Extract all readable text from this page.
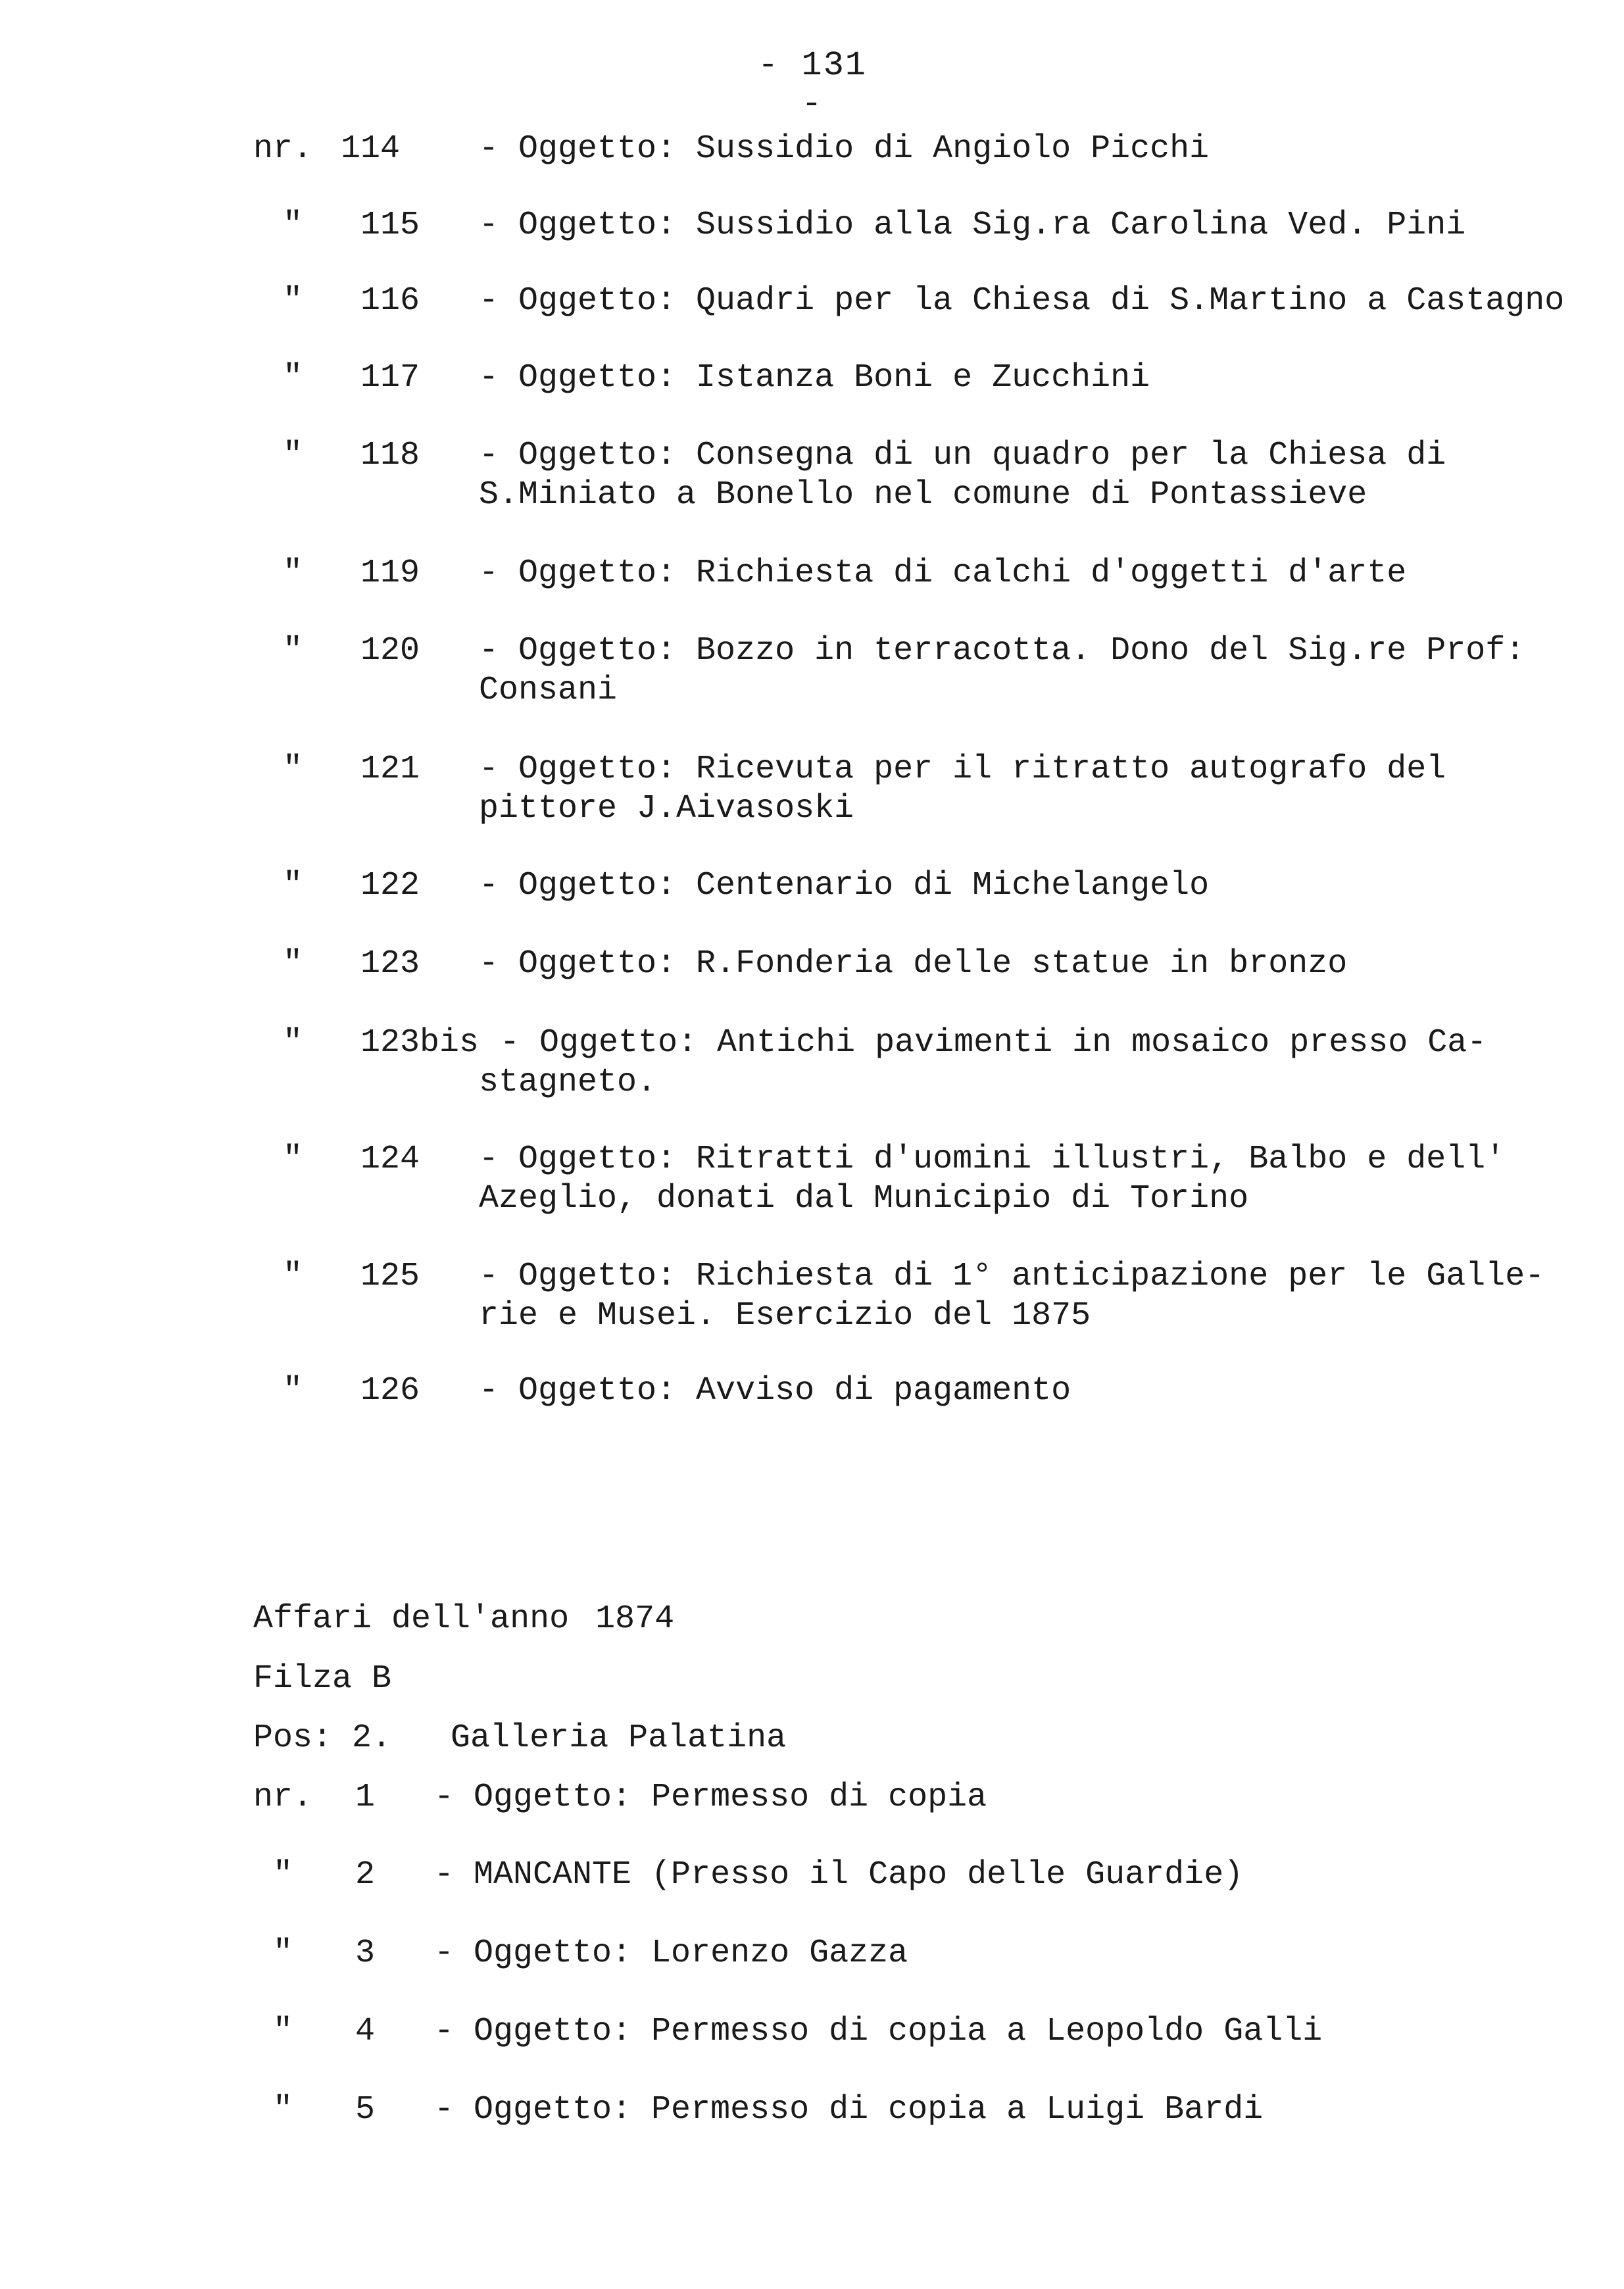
- 131 -
nr. 114 - Oggetto: Sussidio di Angiolo Picchi
" 115 - Oggetto: Sussidio alla Sig.ra Carolina Ved. Pini
" 116 - Oggetto: Quadri per la Chiesa di S.Martino a Castagno
" 117 - Oggetto: Istanza Boni e Zucchini
" 118 - Oggetto: Consegna di un quadro per la Chiesa di
S.Miniato a Bonello nel comune di Pontassieve
" 119 - Oggetto: Richiesta di calchi d'oggetti d'arte
" 120 - Oggetto: Bozzo in terracotta. Dono del Sig.re Prof:
Consani
" 121 - Oggetto: Ricevuta per il ritratto autografo del
pittore J.Aivasoski
" 122 - Oggetto: Centenario di Michelangelo
" 123 - Oggetto: R.Fonderia delle statue in bronzo
" 123bis - Oggetto: Antichi pavimenti in mosaico presso Ca-
stagneto.
" 124 - Oggetto: Ritratti d'uomini illustri, Balbo e dell'
Azeglio, donati dal Municipio di Torino
" 125 - Oggetto: Richiesta di 1° anticipazione per le Galle-
rie e Musei. Esercizio del 1875
" 126 - Oggetto: Avviso di pagamento
Affari dell'anno 1874
Filza B
Pos: 2. Galleria Palatina
nr. 1 - Oggetto: Permesso di copia
" 2 - MANCANTE (Presso il Capo delle Guardie)
" 3 - Oggetto: Lorenzo Gazza
" 4 - Oggetto: Permesso di copia a Leopoldo Galli
" 5 - Oggetto: Permesso di copia a Luigi Bardi
